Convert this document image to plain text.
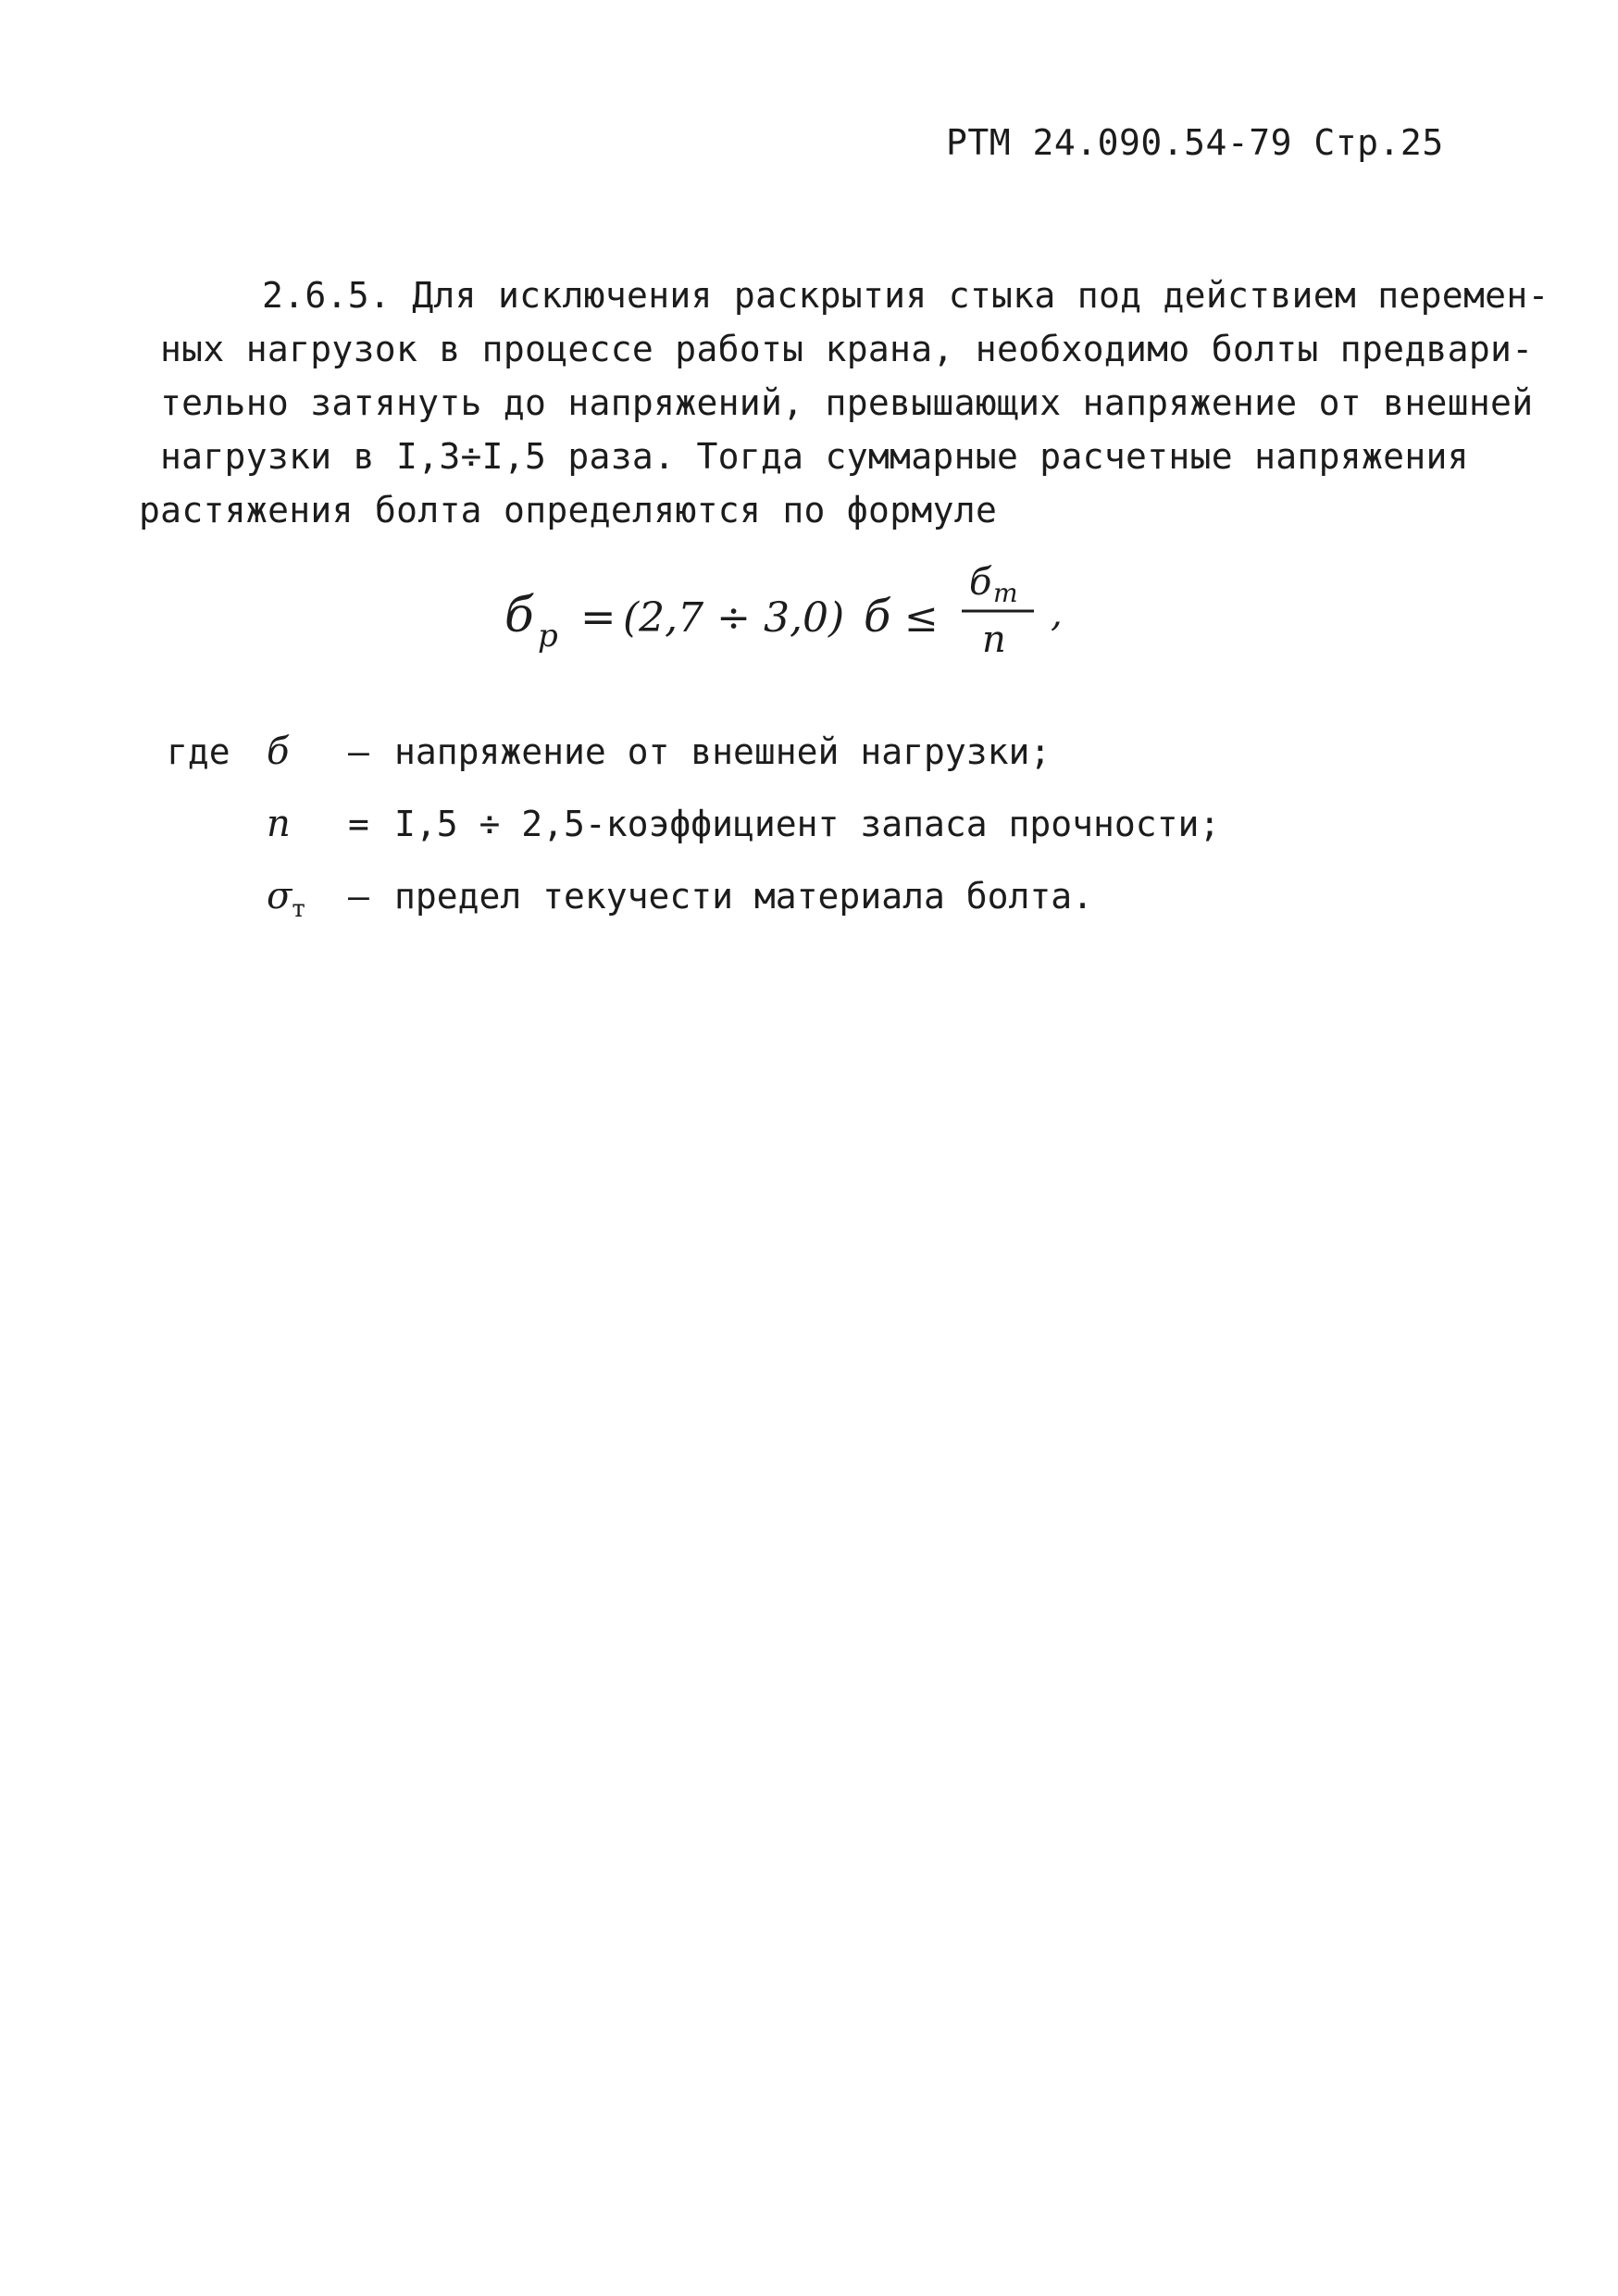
РТМ 24.090.54-79 Стр.25
2.6.5. Для исключения раскрытия стыка под действием перемен-
ных нагрузок в процессе работы крана, необходимо болты предвари-
тельно затянуть до напряжений, превышающих напряжение от внешней
нагрузки в I,3÷I,5 раза. Тогда суммарные расчетные напряжения
растяжения болта определяются по формуле
б p = (2,7 ÷ 3,0) б ≤
б т
n
,
где б	– напряжение от внешней нагрузки;
n	= I,5 ÷ 2,5-коэффициент запаса прочности;
$\sigma_т$	– предел текучести материала болта.
